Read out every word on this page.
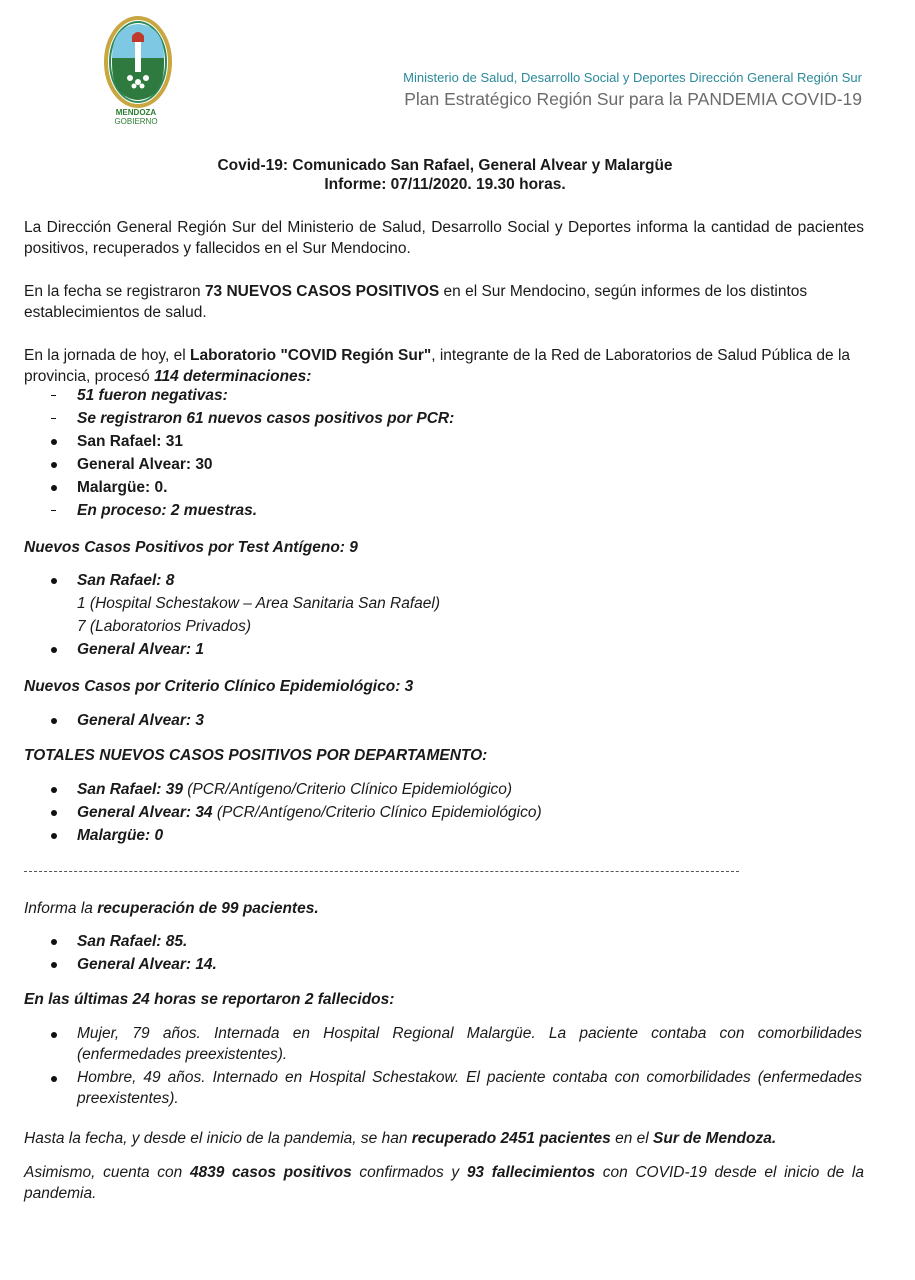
MENDOZA
GOBIERNO
Ministerio de Salud, Desarrollo Social y Deportes Dirección General Región Sur
Plan Estratégico Región Sur para la PANDEMIA COVID-19
Covid-19: Comunicado San Rafael, General Alvear y Malargüe
Informe: 07/11/2020. 19.30 horas.
La Dirección General Región Sur del Ministerio de Salud, Desarrollo Social y Deportes informa la cantidad de pacientes positivos, recuperados y fallecidos en el Sur Mendocino.
En la fecha se registraron 73 NUEVOS CASOS POSITIVOS en el Sur Mendocino, según informes de los distintos establecimientos de salud.
En la jornada de hoy, el Laboratorio "COVID Región Sur", integrante de la Red de Laboratorios de Salud Pública de la provincia, procesó 114 determinaciones:
51 fueron negativas:
Se registraron 61 nuevos casos positivos por PCR:
San Rafael: 31
General Alvear: 30
Malargüe: 0.
En proceso: 2 muestras.
Nuevos Casos Positivos por Test Antígeno: 9
San Rafael: 8
1 (Hospital Schestakow – Area Sanitaria San Rafael)
7 (Laboratorios Privados)
General Alvear: 1
Nuevos Casos por Criterio Clínico Epidemiológico: 3
General Alvear: 3
TOTALES NUEVOS CASOS POSITIVOS POR DEPARTAMENTO:
San Rafael: 39 (PCR/Antígeno/Criterio Clínico Epidemiológico)
General Alvear: 34 (PCR/Antígeno/Criterio Clínico Epidemiológico)
Malargüe: 0
Informa la recuperación de 99 pacientes.
San Rafael: 85.
General Alvear: 14.
En las últimas 24 horas se reportaron 2 fallecidos:
Mujer, 79 años. Internada en Hospital Regional Malargüe. La paciente contaba con comorbilidades (enfermedades preexistentes).
Hombre, 49 años. Internado en Hospital Schestakow. El paciente contaba con comorbilidades (enfermedades preexistentes).
Hasta la fecha, y desde el inicio de la pandemia, se han recuperado 2451 pacientes en el Sur de Mendoza.
Asimismo, cuenta con 4839 casos positivos confirmados y 93 fallecimientos con COVID-19 desde el inicio de la pandemia.
